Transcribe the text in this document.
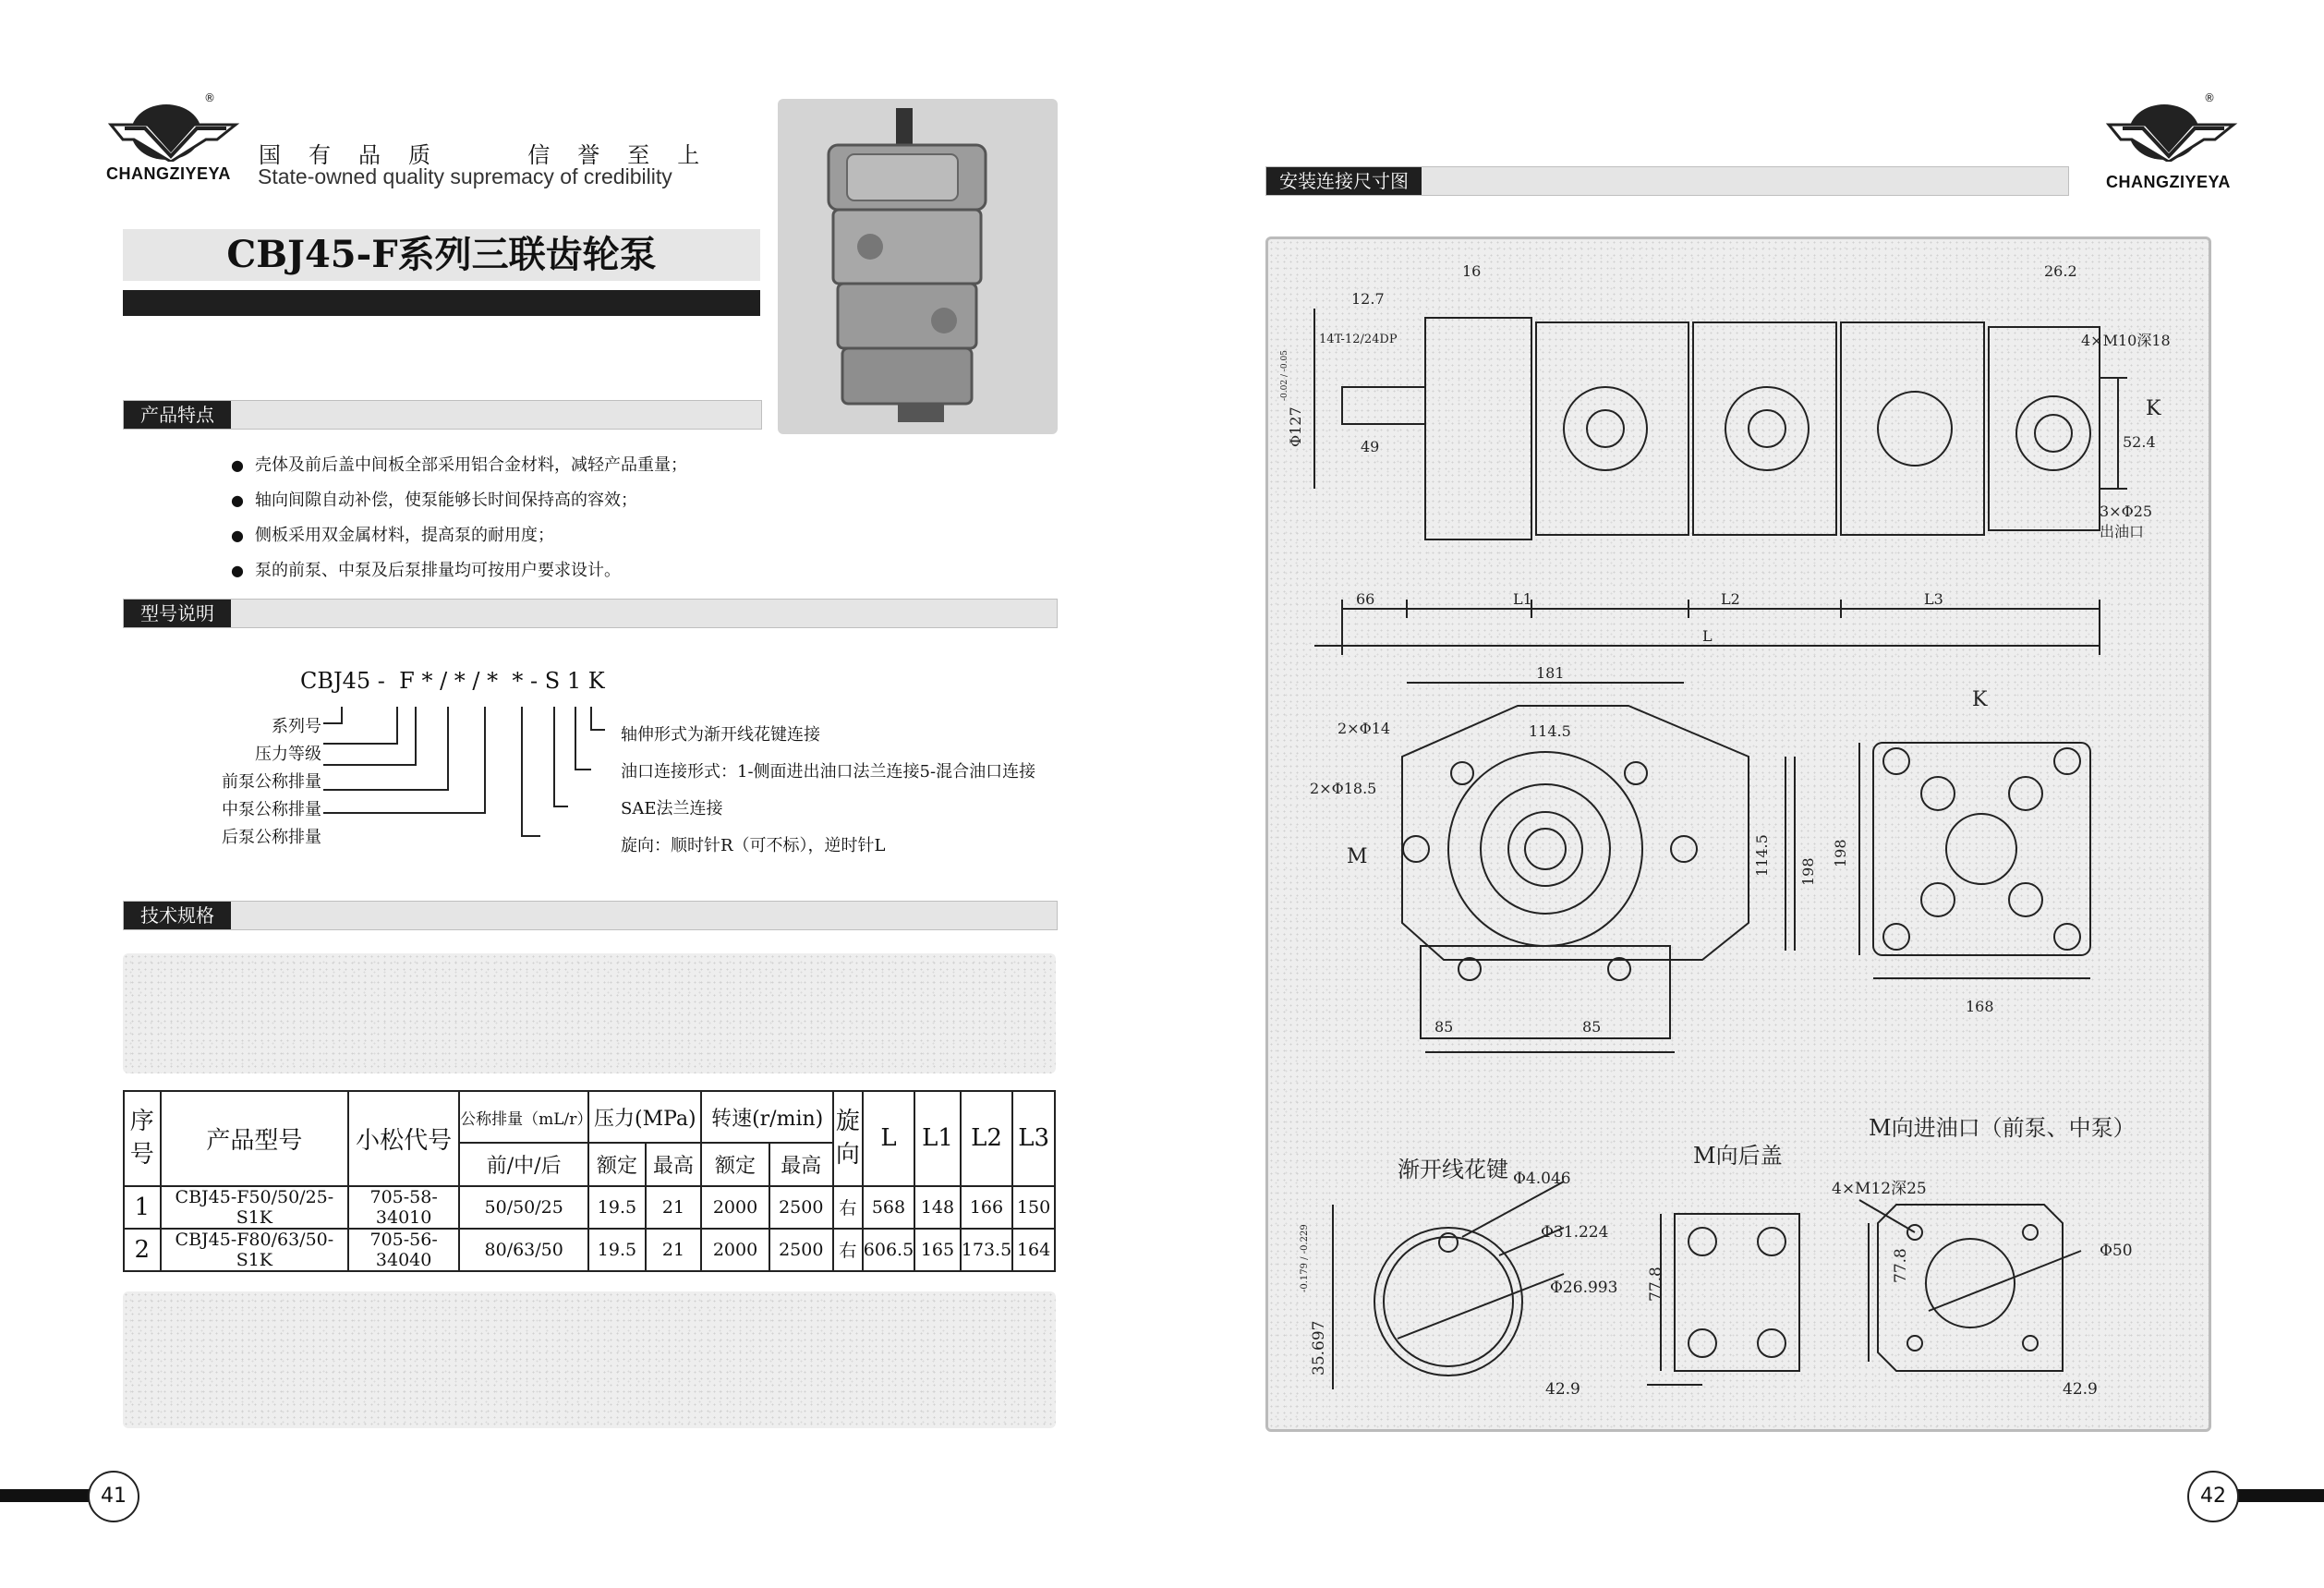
®
CHANGZIYEYA
国有品质  信誉至上
State-owned quality supremacy of credibility
CBJ45-F系列三联齿轮泵
产品特点
● 壳体及前后盖中间板全部采用铝合金材料，减轻产品重量；
● 轴向间隙自动补偿，使泵能够长时间保持高的容效；
● 侧板采用双金属材料，提高泵的耐用度；
● 泵的前泵、中泵及后泵排量均可按用户要求设计。
型号说明
CBJ45 -  F * / * / *  * - S 1 K
系列号
压力等级
前泵公称排量
中泵公称排量
后泵公称排量
轴伸形式为渐开线花键连接
油口连接形式：1-侧面进出油口法兰连接5-混合油口连接
SAE法兰连接
旋向：顺时针R（可不标），逆时针L
技术规格
序号	产品型号	小松代号	公称排量（mL/r）	压力(MPa)		转速(r/min)		旋向	L	L1	L2	L3
			前/中/后	额定	最高	额定	最高					
1	CBJ45-F50/50/25-S1K	705-58-34010	50/50/25	19.5	21	2000	2500	右	568	148	166	150
2	CBJ45-F80/63/50-S1K	705-56-34040	80/63/50	19.5	21	2000	2500	右	606.5	165	173.5	164
41
®
CHANGZIYEYA
安装连接尺寸图
12.7
16	26.2
14T-12/24DP	4×M10深18
K
52.4
3×Φ25
出油口
49
66	L1	L2	L3
L
Φ127
-0.02 / -0.05
181
114.5
2×Φ14
2×Φ18.5
M	114.5 198
85	85
K
198
168
渐开线花键 Φ4.046
Φ31.224
Φ26.993
35.697
-0.179 / -0.229
M向后盖
77.8
42.9
M向进油口（前泵、中泵）
4×M12深25
Φ50
77.8
42.9
42
